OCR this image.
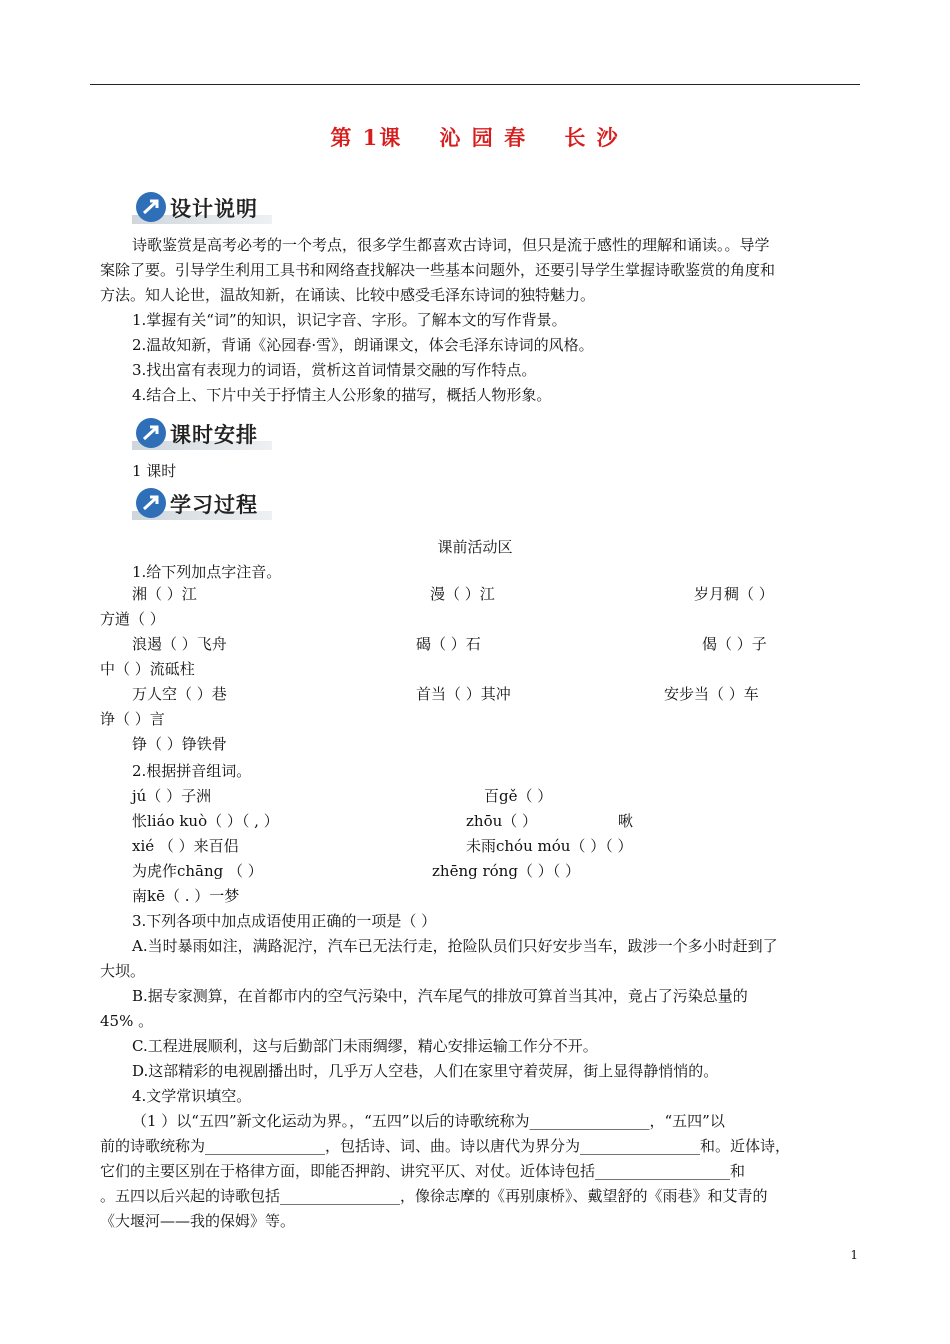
第 1课    沁 园 春    长 沙
设计说明
诗歌鉴赏是高考必考的一个考点，很多学生都喜欢古诗词，但只是流于感性的理解和诵读。。导学
案除了要。引导学生利用工具书和网络查找解决一些基本问题外，还要引导学生掌握诗歌鉴赏的角度和
方法。知人论世，温故知新，在诵读、比较中感受毛泽东诗词的独特魅力。
1.掌握有关“词”的知识，识记字音、字形。了解本文的写作背景。
2.温故知新，背诵《沁园春·雪》，朗诵课文，体会毛泽东诗词的风格。
3.找出富有表现力的词语，赏析这首词情景交融的写作特点。
4.结合上、下片中关于抒情主人公形象的描写，概括人物形象。
课时安排
1 课时
学习过程
课前活动区
1.给下列加点字注音。
湘（ ）江	漫（ ）江	岁月稠（ ）
方遒（ ）
浪遏（ ）飞舟	碣（ ）石	偈（ ）子
中（ ）流砥柱
万人空（ ）巷	首当（ ）其冲	安步当（ ）车
诤（ ）言
铮（ ）铮铁骨
2.根据拼音组词。
jú（ ）子洲	百gě（ ）
怅liáo kuò（ ）（ , ）	zhōu（ ）	啾
xié （ ）来百侣	未雨chóu móu（ ）（ ）
为虎作chāng （ ）	zhēng róng（ ）（ ）
南kē（ . ）一梦
3.下列各项中加点成语使用正确的一项是（ ）
A.当时暴雨如注，满路泥泞，汽车已无法行走，抢险队员们只好安步当车，跋涉一个多小时赶到了
大坝。
B.据专家测算，在首都市内的空气污染中，汽车尾气的排放可算首当其冲，竟占了污染总量的
45% 。
C.工程进展顺利，这与后勤部门未雨绸缪，精心安排运输工作分不开。
D.这部精彩的电视剧播出时，几乎万人空巷，人们在家里守着荧屏，街上显得静悄悄的。
4.文学常识填空。
（1 ）以“五四”新文化运动为界。，“五四”以后的诗歌统称为________________，“五四”以
前的诗歌统称为________________，包括诗、词、曲。诗以唐代为界分为________________和。近体诗，
它们的主要区别在于格律方面，即能否押韵、讲究平仄、对仗。近体诗包括__________________和
。五四以后兴起的诗歌包括________________，像徐志摩的《再别康桥》、戴望舒的《雨巷》和艾青的
《大堰河——我的保姆》等。
1
